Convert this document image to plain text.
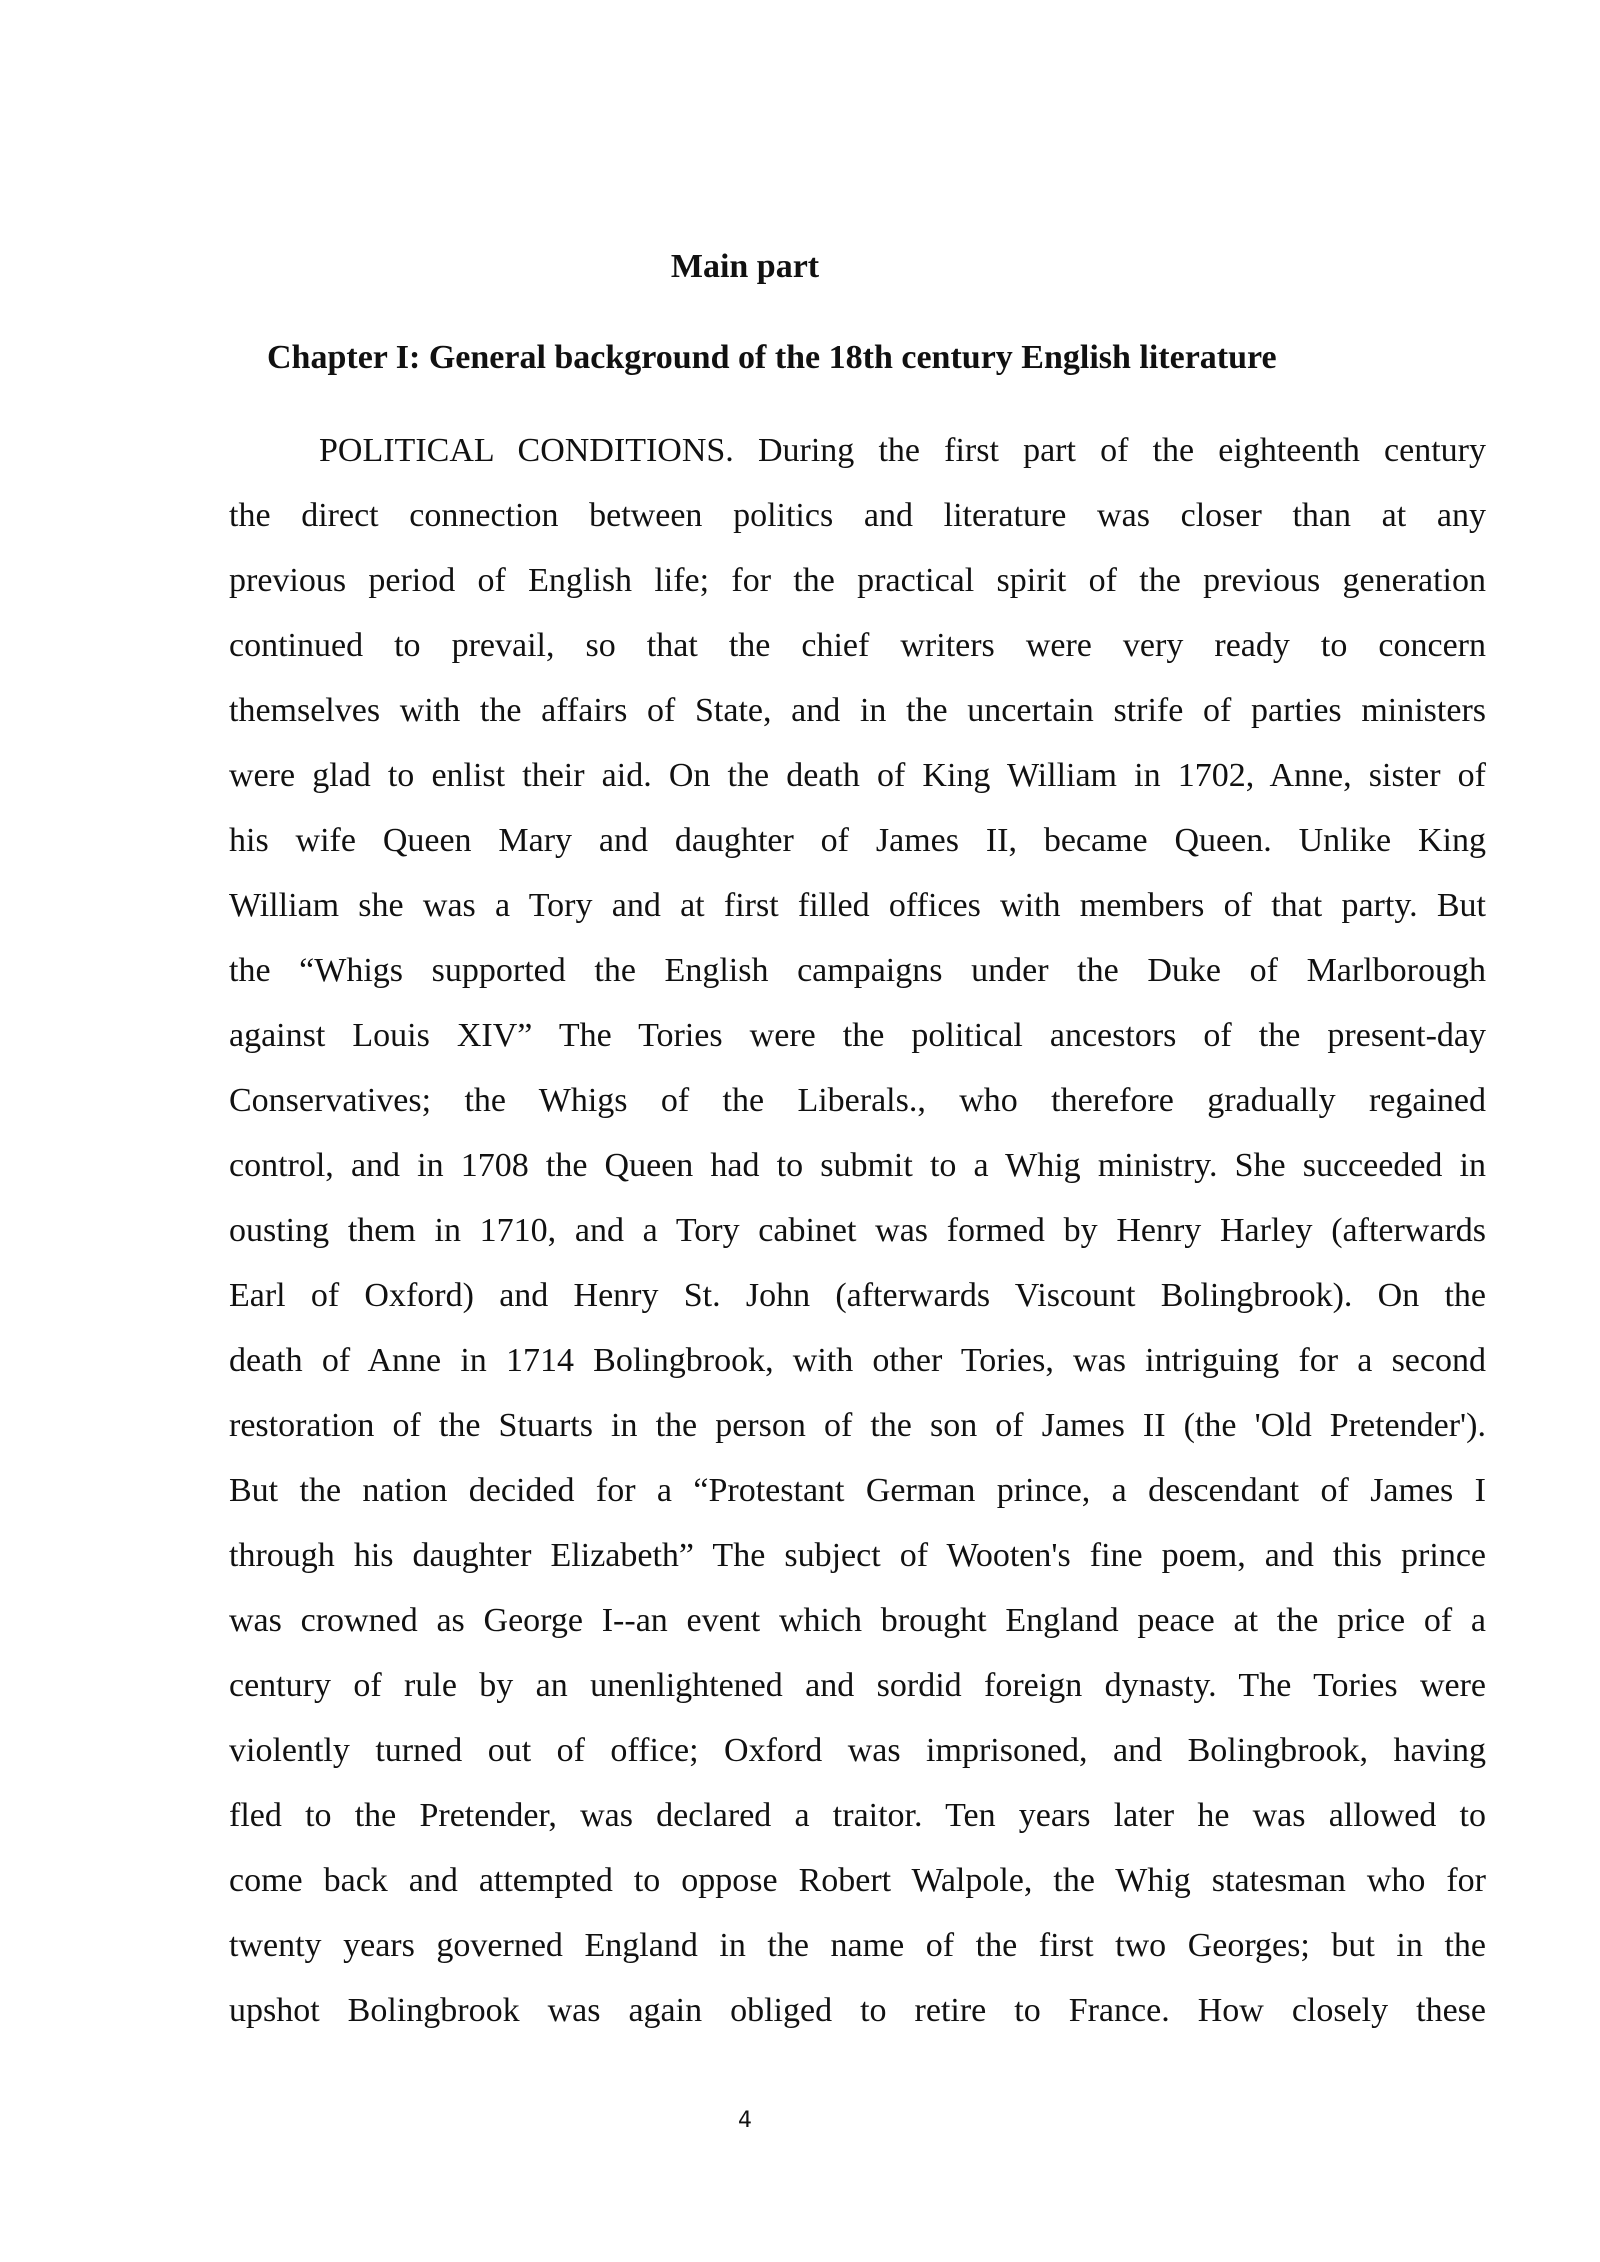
Main part
Chapter I: General background of the 18th century English literature
POLITICAL CONDITIONS. During the first part of the eighteenth century
the direct connection between politics and literature was closer than at any
previous period of English life; for the practical spirit of the previous generation
continued to prevail, so that the chief writers were very ready to concern
themselves with the affairs of State, and in the uncertain strife of parties ministers
were glad to enlist their aid. On the death of King William in 1702, Anne, sister of
his wife Queen Mary and daughter of James II, became Queen. Unlike King
William she was a Tory and at first filled offices with members of that party. But
the “Whigs supported the English campaigns under the Duke of Marlborough
against Louis XIV” The Tories were the political ancestors of the present-day
Conservatives; the Whigs of the Liberals., who therefore gradually regained
control, and in 1708 the Queen had to submit to a Whig ministry. She succeeded in
ousting them in 1710, and a Tory cabinet was formed by Henry Harley (afterwards
Earl of Oxford) and Henry St. John (afterwards Viscount Bolingbrook). On the
death of Anne in 1714 Bolingbrook, with other Tories, was intriguing for a second
restoration of the Stuarts in the person of the son of James II (the 'Old Pretender').
But the nation decided for a “Protestant German prince, a descendant of James I
through his daughter Elizabeth” The subject of Wooten's fine poem, and this prince
was crowned as George I--an event which brought England peace at the price of a
century of rule by an unenlightened and sordid foreign dynasty. The Tories were
violently turned out of office; Oxford was imprisoned, and Bolingbrook, having
fled to the Pretender, was declared a traitor. Ten years later he was allowed to
come back and attempted to oppose Robert Walpole, the Whig statesman who for
twenty years governed England in the name of the first two Georges; but in the
upshot Bolingbrook was again obliged to retire to France. How closely these
4
